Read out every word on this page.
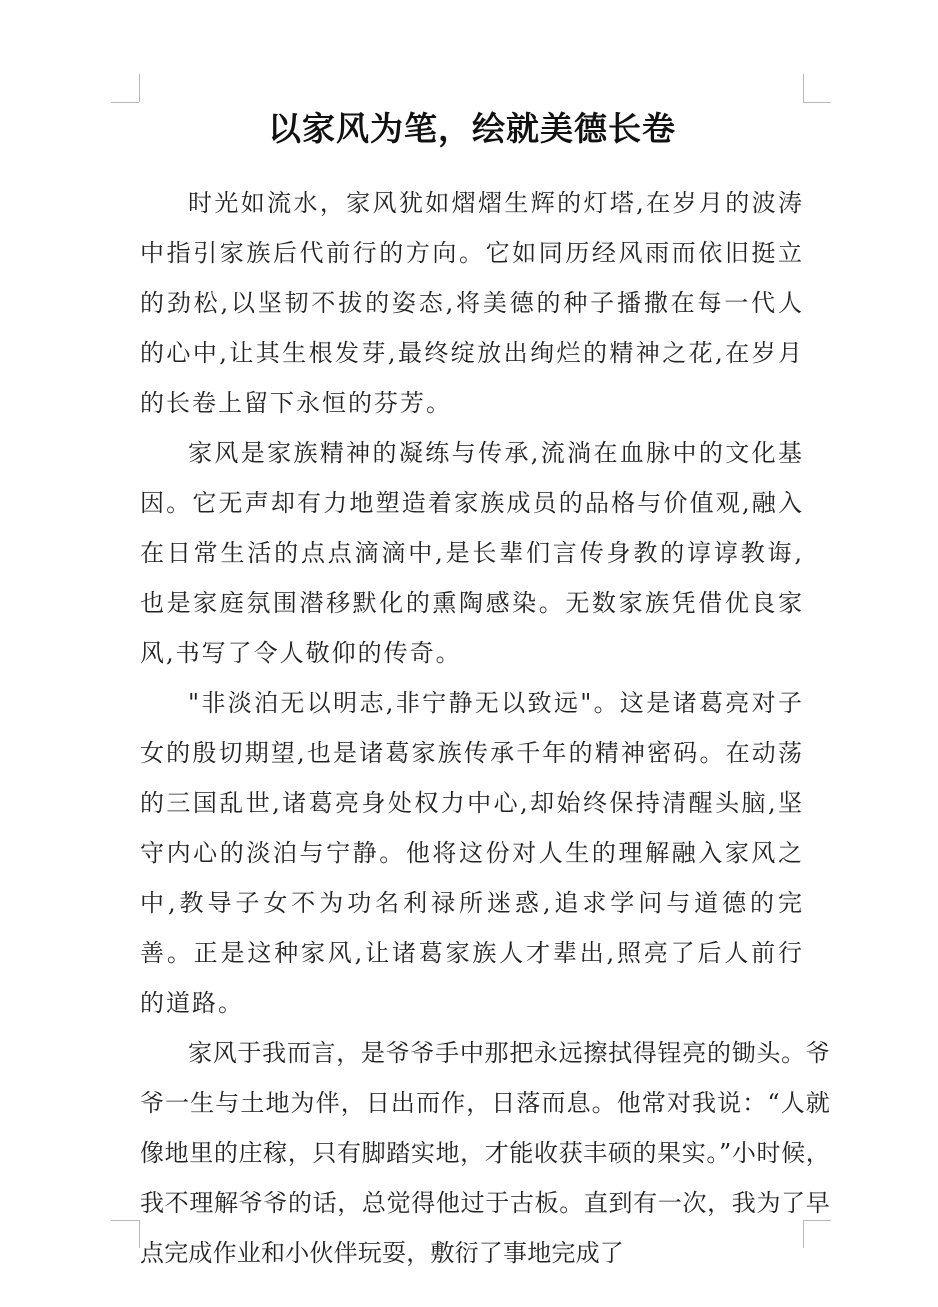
以家风为笔，绘就美德长卷

时光如流水，家风犹如熠熠生辉的灯塔,在岁月的波涛中指引家族后代前行的方向。它如同历经风雨而依旧挺立的劲松,以坚韧不拔的姿态,将美德的种子播撒在每一代人的心中,让其生根发芽,最终绽放出绚烂的精神之花,在岁月的长卷上留下永恒的芬芳。

家风是家族精神的凝练与传承,流淌在血脉中的文化基因。它无声却有力地塑造着家族成员的品格与价值观,融入在日常生活的点点滴滴中,是长辈们言传身教的谆谆教诲,也是家庭氛围潜移默化的熏陶感染。无数家族凭借优良家风,书写了令人敬仰的传奇。

"非淡泊无以明志,非宁静无以致远"。这是诸葛亮对子女的殷切期望,也是诸葛家族传承千年的精神密码。在动荡的三国乱世,诸葛亮身处权力中心,却始终保持清醒头脑,坚守内心的淡泊与宁静。他将这份对人生的理解融入家风之中,教导子女不为功名利禄所迷惑,追求学问与道德的完善。正是这种家风,让诸葛家族人才辈出,照亮了后人前行的道路。

家风于我而言，是爷爷手中那把永远擦拭得锃亮的锄头。爷爷一生与土地为伴，日出而作，日落而息。他常对我说：“人就像地里的庄稼，只有脚踏实地，才能收获丰硕的果实。”小时候，我不理解爷爷的话，总觉得他过于古板。直到有一次，我为了早点完成作业和小伙伴玩耍，敷衍了事地完成了
